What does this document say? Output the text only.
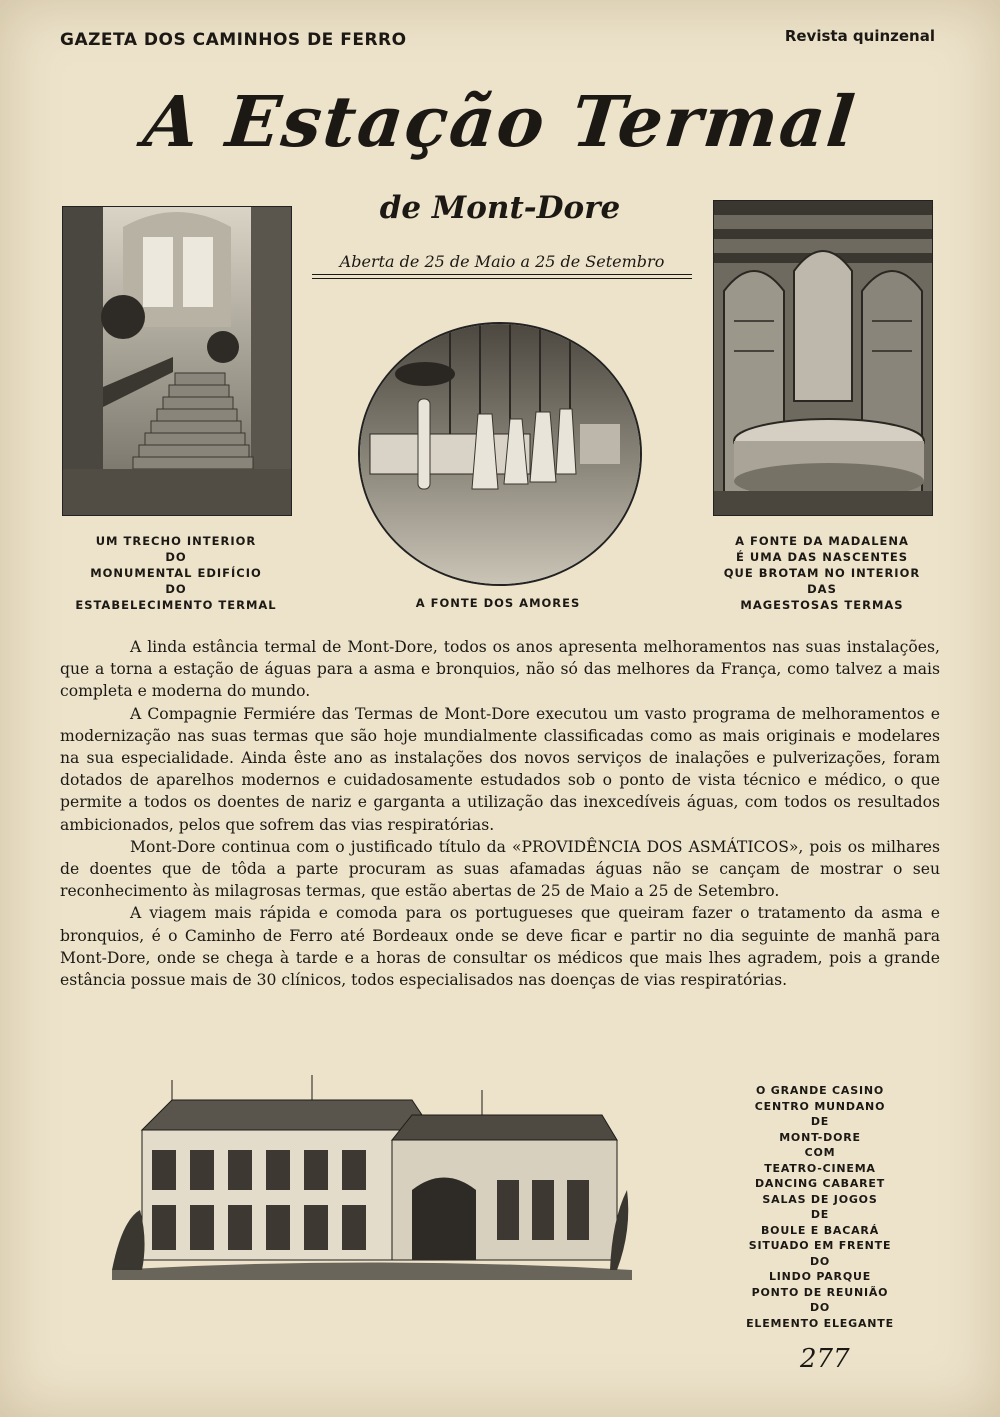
GAZETA DOS CAMINHOS DE FERRO	Revista quinzenal
A Estação Termal
de Mont-Dore
Aberta de 25 de Maio a 25 de Setembro
UM TRECHO INTERIOR
DO
MONUMENTAL EDIFÍCIO
DO
ESTABELECIMENTO TERMAL	A FONTE DOS AMORES
A FONTE DA MADALENA
É UMA DAS NASCENTES
QUE BROTAM NO INTERIOR
DAS
MAGESTOSAS TERMAS

A linda estância termal de Mont-Dore, todos os anos apresenta melhoramentos nas suas instalações, que a torna a estação de águas para a asma e bronquios, não só das melhores da França, como talvez a mais completa e moderna do mundo.

A Compagnie Fermiére das Termas de Mont-Dore executou um vasto programa de melhoramentos e modernização nas suas termas que são hoje mundialmente classificadas como as mais originais e modelares na sua especialidade. Ainda êste ano as instalações dos novos serviços de inalações e pulverizações, foram dotados de aparelhos modernos e cuidadosamente estudados sob o ponto de vista técnico e médico, o que permite a todos os doentes de nariz e garganta a utilização das inexcedíveis águas, com todos os resultados ambicionados, pelos que sofrem das vias respiratórias.

Mont-Dore continua com o justificado título da «PROVIDÊNCIA DOS ASMÁTICOS», pois os milhares de doentes que de tôda a parte procuram as suas afamadas águas não se cançam de mostrar o seu reconhecimento às milagrosas termas, que estão abertas de 25 de Maio a 25 de Setembro.

A viagem mais rápida e comoda para os portugueses que queiram fazer o tratamento da asma e bronquios, é o Caminho de Ferro até Bordeaux onde se deve ficar e partir no dia seguinte de manhã para Mont-Dore, onde se chega à tarde e a horas de consultar os médicos que mais lhes agradem, pois a grande estância possue mais de 30 clínicos, todos especialisados nas doenças de vias respiratórias.

O GRANDE CASINO
CENTRO MUNDANO
DE
MONT-DORE
COM
TEATRO-CINEMA
DANCING CABARET
SALAS DE JOGOS
DE
BOULE E BACARÁ
SITUADO EM FRENTE
DO
LINDO PARQUE
PONTO DE REUNIÃO
DO
ELEMENTO ELEGANTE
277
